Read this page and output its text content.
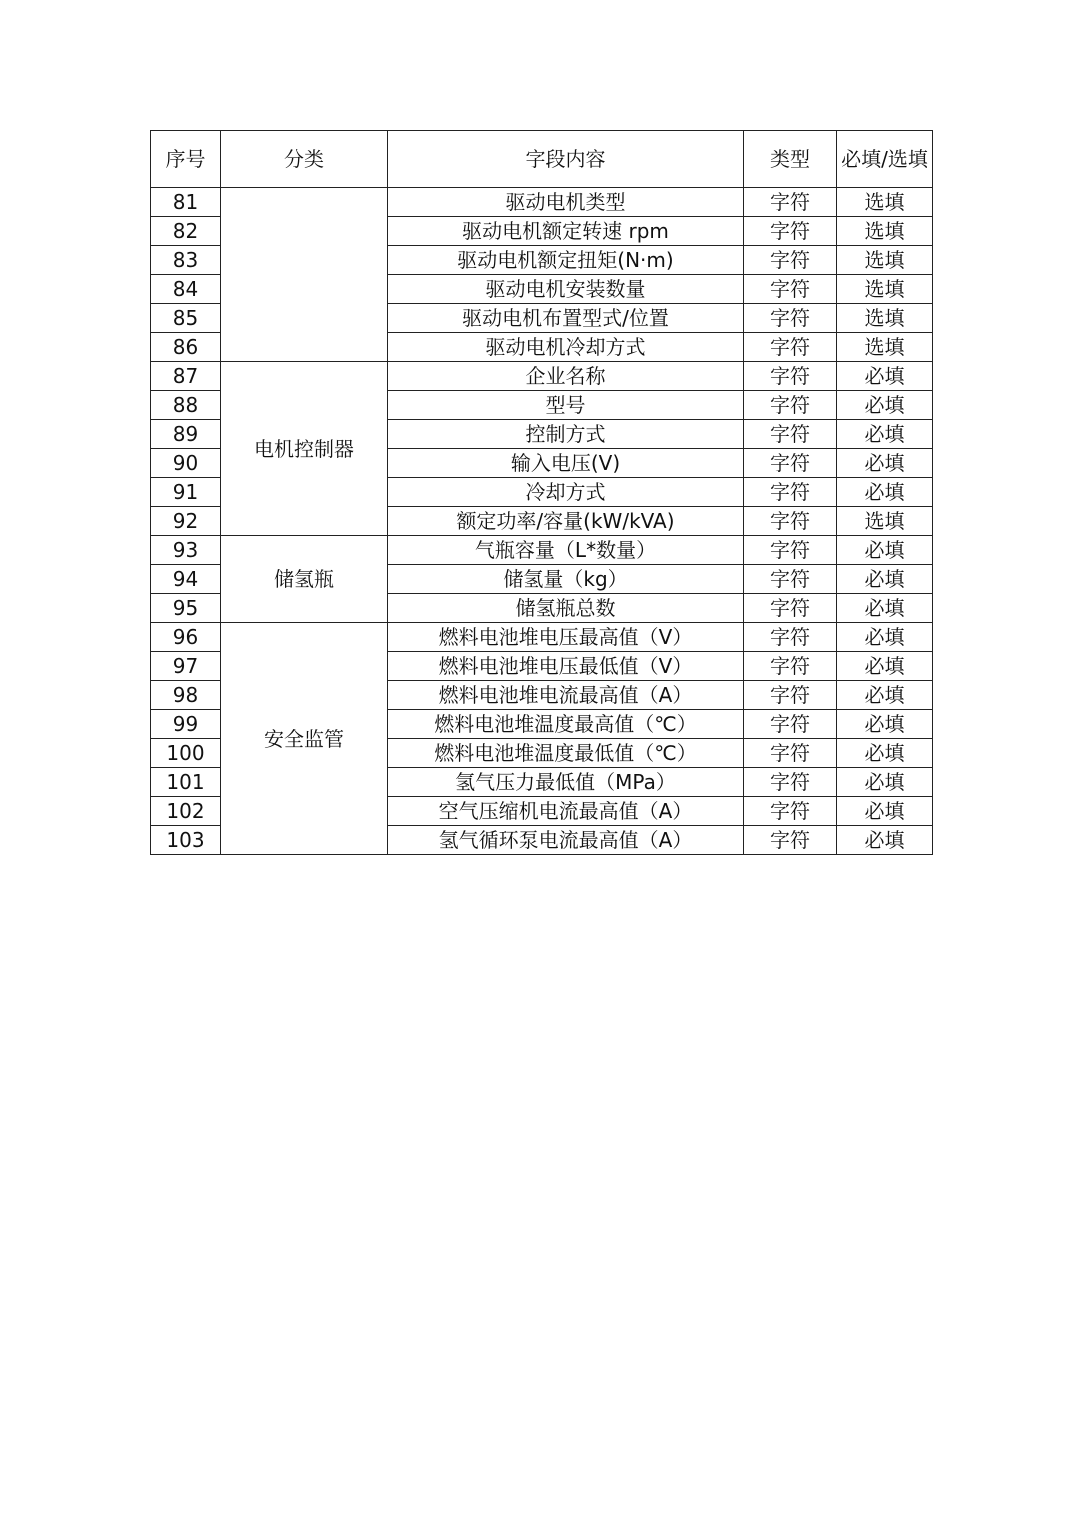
序号	分类	字段内容	类型	必填/选填
81		驱动电机类型	字符	选填
82		驱动电机额定转速 rpm	字符	选填
83		驱动电机额定扭矩(N·m)	字符	选填
84		驱动电机安装数量	字符	选填
85		驱动电机布置型式/位置	字符	选填
86		驱动电机冷却方式	字符	选填
87	电机控制器	企业名称	字符	必填
88		型号	字符	必填
89		控制方式	字符	必填
90		输入电压(V)	字符	必填
91		冷却方式	字符	必填
92		额定功率/容量(kW/kVA)	字符	选填
93	储氢瓶	气瓶容量（L*数量）	字符	必填
94		储氢量（kg）	字符	必填
95		储氢瓶总数	字符	必填
96	安全监管	燃料电池堆电压最高值（V）	字符	必填
97		燃料电池堆电压最低值（V）	字符	必填
98		燃料电池堆电流最高值（A）	字符	必填
99		燃料电池堆温度最高值（℃）	字符	必填
100		燃料电池堆温度最低值（℃）	字符	必填
101		氢气压力最低值（MPa）	字符	必填
102		空气压缩机电流最高值（A）	字符	必填
103		氢气循环泵电流最高值（A）	字符	必填
